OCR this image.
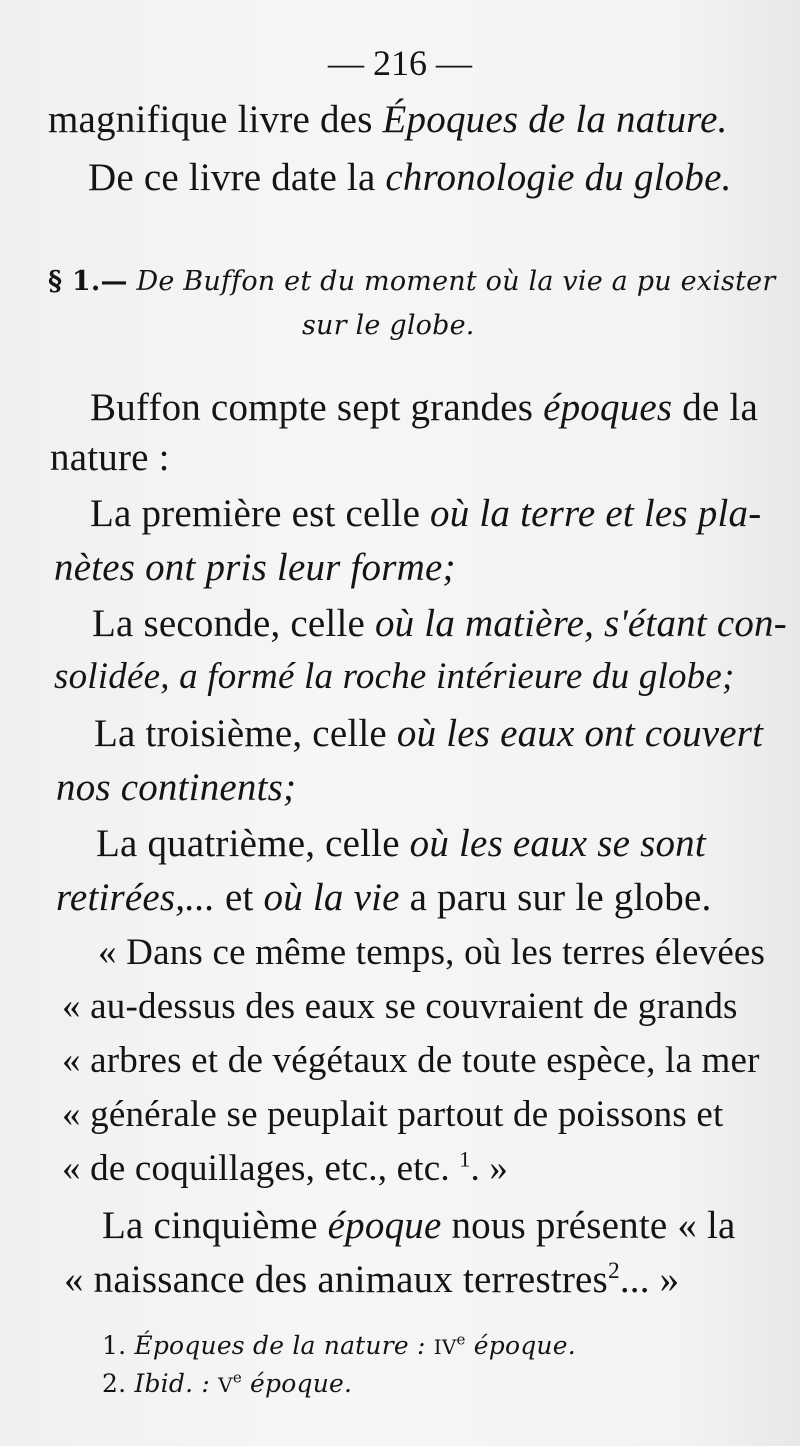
— 216 —
magnifique livre des Époques de la nature.
De ce livre date la chronologie du globe.
§ 1.— De Buffon et du moment où la vie a pu exister
sur le globe.
Buffon compte sept grandes époques de la
nature :
La première est celle où la terre et les pla-
nètes ont pris leur forme;
La seconde, celle où la matière, s'étant con-
solidée, a formé la roche intérieure du globe;
La troisième, celle où les eaux ont couvert
nos continents;
La quatrième, celle où les eaux se sont
retirées,... et où la vie a paru sur le globe.
« Dans ce même temps, où les terres élevées
« au-dessus des eaux se couvraient de grands
« arbres et de végétaux de toute espèce, la mer
« générale se peuplait partout de poissons et
« de coquillages, etc., etc. $^1$. »
La cinquième époque nous présente « la
« naissance des animaux terrestres$^2$... »
1. Époques de la nature : IVe époque.
2. Ibid. : Ve époque.
